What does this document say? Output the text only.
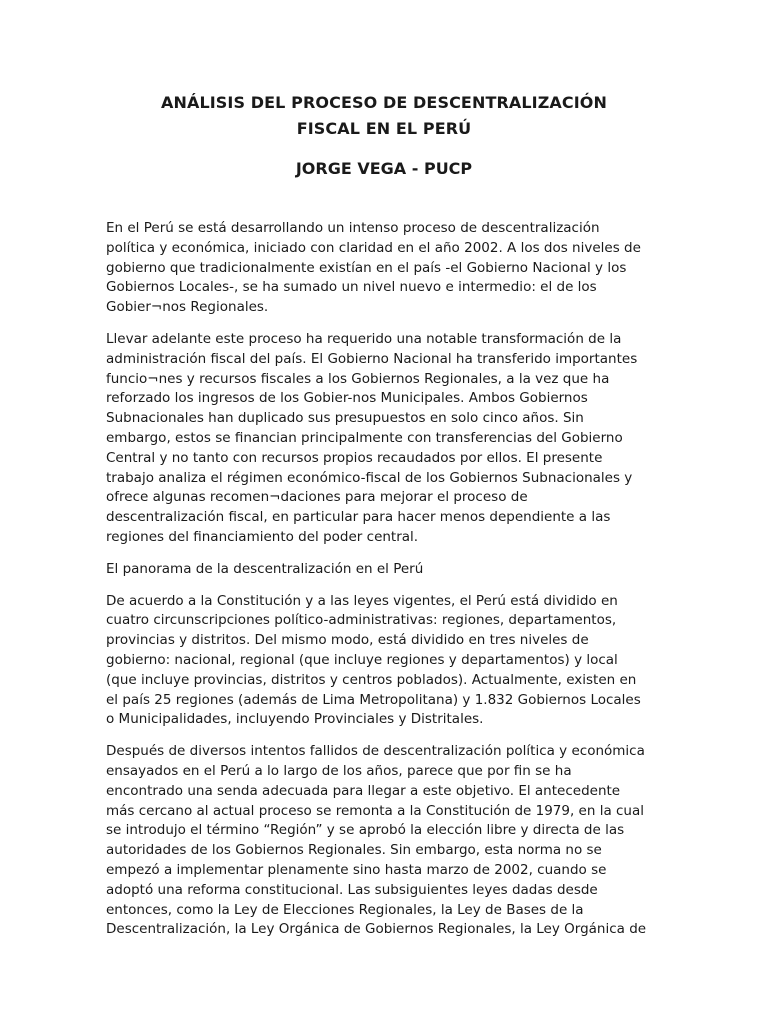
ANÁLISIS DEL PROCESO DE DESCENTRALIZACIÓN

FISCAL EN EL PERÚ

JORGE VEGA - PUCP

En el Perú se está desarrollando un intenso proceso de descentralización
política y económica, iniciado con claridad en el año 2002. A los dos niveles de
gobierno que tradicionalmente existían en el país -el Gobierno Nacional y los
Gobiernos Locales-, se ha sumado un nivel nuevo e intermedio: el de los
Gobier¬nos Regionales.

Llevar adelante este proceso ha requerido una notable transformación de la
administración fiscal del país. El Gobierno Nacional ha transferido importantes
funcio¬nes y recursos fiscales a los Gobiernos Regionales, a la vez que ha
reforzado los ingresos de los Gobier-nos Municipales. Ambos Gobiernos
Subnacionales han duplicado sus presupuestos en solo cinco años. Sin
embargo, estos se financian principalmente con transferencias del Gobierno
Central y no tanto con recursos propios recaudados por ellos. El presente
trabajo analiza el régimen económico-fiscal de los Gobiernos Subnacionales y
ofrece algunas recomen¬daciones para mejorar el proceso de
descentralización fiscal, en particular para hacer menos dependiente a las
regiones del financiamiento del poder central.

El panorama de la descentralización en el Perú

De acuerdo a la Constitución y a las leyes vigentes, el Perú está dividido en
cuatro circunscripciones político-administrativas: regiones, departamentos,
provincias y distritos. Del mismo modo, está dividido en tres niveles de
gobierno: nacional, regional (que incluye regiones y departamentos) y local
(que incluye provincias, distritos y centros poblados). Actualmente, existen en
el país 25 regiones (además de Lima Metropolitana) y 1.832 Gobiernos Locales
o Municipalidades, incluyendo Provinciales y Distritales.

Después de diversos intentos fallidos de descentralización política y económica
ensayados en el Perú a lo largo de los años, parece que por fin se ha
encontrado una senda adecuada para llegar a este objetivo. El antecedente
más cercano al actual proceso se remonta a la Constitución de 1979, en la cual
se introdujo el término “Región” y se aprobó la elección libre y directa de las
autoridades de los Gobiernos Regionales. Sin embargo, esta norma no se
empezó a implementar plenamente sino hasta marzo de 2002, cuando se
adoptó una reforma constitucional. Las subsiguientes leyes dadas desde
entonces, como la Ley de Elecciones Regionales, la Ley de Bases de la
Descentralización, la Ley Orgánica de Gobiernos Regionales, la Ley Orgánica de
